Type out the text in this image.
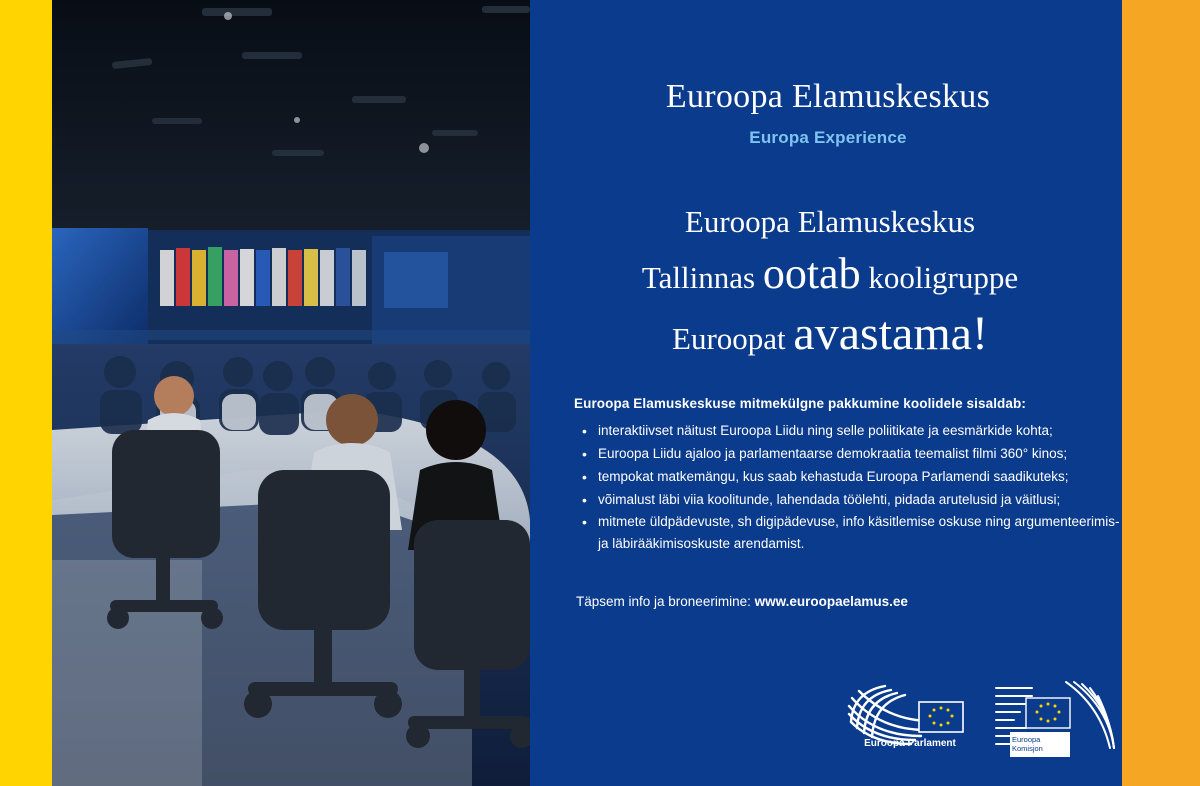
Euroopa Elamuskeskus
Europa Experience
Euroopa Elamuskeskus
Tallinnas ootab kooligruppe
Euroopat avastama!
Euroopa Elamuskeskuse mitmekülgne pakkumine koolidele sisaldab:
• interaktiivset näitust Euroopa Liidu ning selle poliitikate ja eesmärkide kohta;
• Euroopa Liidu ajaloo ja parlamentaarse demokraatia teemalist filmi 360° kinos;
• tempokat matkemängu, kus saab kehastuda Euroopa Parlamendi saadikuteks;
• võimalust läbi viia koolitunde, lahendada töölehti, pidada arutelusid ja väitlusi;
• mitmete üldpädevuste, sh digipädevuse, info käsitlemise oskuse ning argumenteerimis- ja läbirääkimisoskuste arendamist.
Täpsem info ja broneerimine: www.euroopaelamus.ee
Euroopa Parlament	Euroopa
Komisjon
